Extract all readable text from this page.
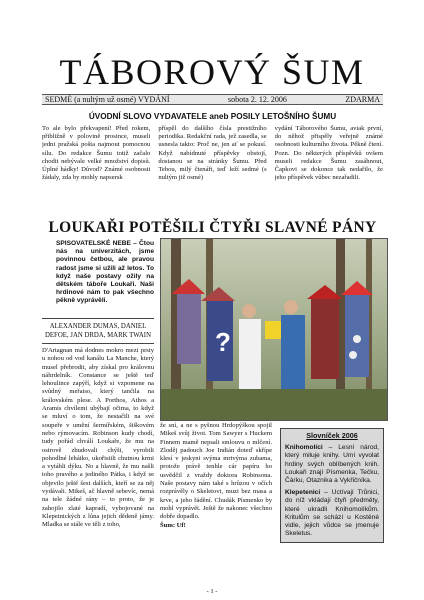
TÁBOROVÝ ŠUM
SEDMÉ (a nultým už osmé) VYDÁNÍ	sobota 2. 12. 2006	ZDARMA
ÚVODNÍ SLOVO VYDAVATELE aneb POSILY LETOŠNÍHO ŠUMU
To ale bylo překvapení! Před rokem, přibližně v polovině prosince, museli jedni pražská pošta najmout pomocnou sílu. Do redakce Šumu totiž začalo chodit nebývale velké množství dopisů. Úplné hádky! Důvod? Známé osobnosti žádaly, zda by mohly napsersk
příspěl do dalšího čísla prestižního periodika. Redakční rada, jež zasedla, se usnesla takto: Proč ne, jen ať se pokusí. Když nabídnuté příspěvky obstojí, dostanou se na stránky Šumu. Před Tebou, milý čtenáři, teď leží sedmé (s nultým již osmé)
vydání Táborového Šumu, aviak první, do něhož přispěly veřejně známé osobnosti kulturního života. Pěkně čtení. Pozn. Do některých příspěvků ovšem museli redakce Šumu zasáhnout, Čapkovi se dokonce tak nedařilo, že jeho příspěvek vůbec nezařadili.
LOUKAŘI POTĚŠILI ČTYŘI SLAVNÉ PÁNY
SPISOVATELSKÉ NEBE – Čtou nás na univerzitách, jsme povinnou četbou, ale pravou radost jsme si užili až letos. To když naše postavy ožily na dětském táboře Loukaři. Naši hrdinové nám to pak všechno pěkně vyprávěli.
ALEXANDER DUMAS, DANIEL DEFOE, JAN DRDA, MARK TWAIN
D'Artagnan má dodnes mokro mezi prsty u nohou od vod kanálu La Manche, který musel přebrodit, aby získal pro královnu náhrdelník. Constance se ještě teď lehoulince zapýří, když si vzpomene na svůdný meřaiso, který tančila na královském plese. A Porthos, Athos a Aramis chvílemi ubýbají očima, to když se mluví o tom, že nestačili na své soupeře v umění šermířském, šiškovém nebo rýmovacím. Robinson kudy chodí, tudy pořád chválí Loukaře, že mu na ostrově zbudovali chýši, vyrobili pohodlné lehátko, ukořistili chutnou krmi a vytáhli dýku. No a hlavně, že mu našli toho pravého a jediného Pátka, i když se objevilo ještě šest dalších, kteří se za něj vydávali. Mikeš, ač hlavně sebevíc, nemá na tele žádné rány – to proto, že je zahojilo zlaté kapradí, vybojované na Klepetnických z lůna jejich dědeně jámy. Mladka se stále ve těli z toho,
?
že sní, a ne s pyšnou Hrdopýškou spojil Mikeš svůj život. Tom Sawyer s Huckem Finnem mamě nepsali smlouvu o mlčení. Zloděj padouch Joe Indián doteď skřípe klesí v jeskyni svýma mrtvýma zubama, protože právě tenhle cár papíru ho usvědčil z vraždy doktora Robinsona. Naše postavy nám také s hrůzou v očích rozprávěly o Skeletovi, muzi bez masa a krve, a jeho řádění. Chudák Písmenko by mohl vyprávět. Ještě že nakonec všechno dobře dopadlo.
Šum: Uf!
Slovníček 2006

Knihomolíci – Lesní národ, který miluje knihy. Umí vyvolat hrdiny svých oblíbených knih. Loukaři znají Písmenka, Tečku, Čárku, Otaznika a Vykřičníka.

Klepetenici – Uctívají Trůnici, do níž vkládají čtyři předměty, které ukradli Knihomolíkům. Kritulům se schází u Kostěné vidle, jejich vůdce se jmenuje Skeletus.

- 1 -
